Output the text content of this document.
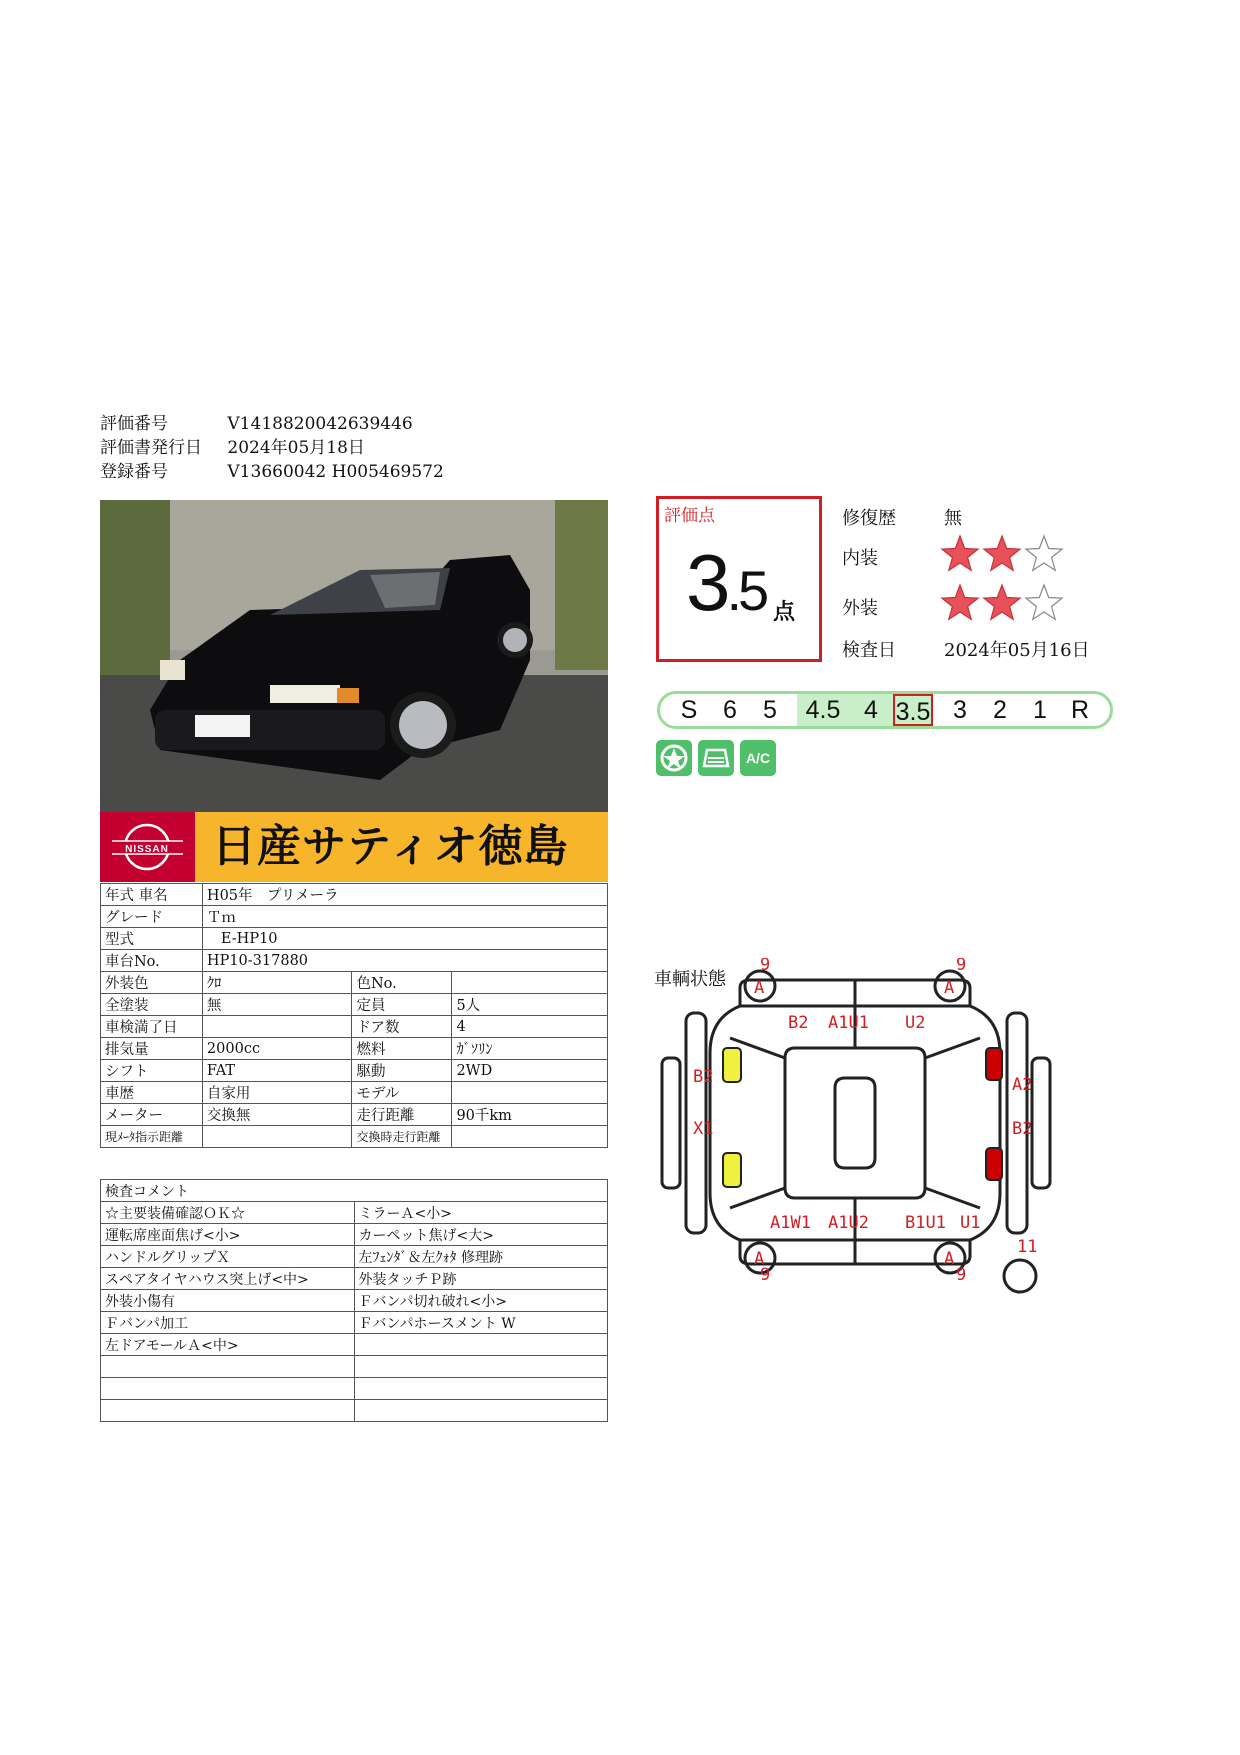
評価番号	V1418820042639446
評価書発行日 2024年05月18日
登録番号	V13660042 H005469572
NISSAN 日産サティオ徳島
年式 車名	H05年　プリメーラ		
グレード	Ｔｍ		
型式	E-HP10		
車台No.	HP10-317880		
外装色	ｸﾛ	色No.	
全塗装	無	定員	5人
車検満了日		ドア数	4
排気量	2000cc	燃料	ｶﾞｿﾘﾝ
シフト	FAT	駆動	2WD
車歴	自家用	モデル	
メーター	交換無	走行距離	90千km
現ﾒｰﾀ指示距離		交換時走行距離	
検査コメント	
☆主要装備確認ＯＫ☆	ミラーＡ<小>
運転席座面焦げ<小>	カーペット焦げ<大>
ハンドルグリップＸ	左ﾌｪﾝﾀﾞ＆左ｸｫﾀ 修理跡
スペアタイヤハウス突上げ<中>	外装タッチＰ跡
外装小傷有	Ｆバンパ切れ破れ<小>
Ｆバンパ加工	Ｆバンパホースメント W
左ドアモールＡ<中>	

評価点
3.5 点
修復歴	無
内装
外装
検査日	2024年05月16日
S	6	5	4.5 4 3.5 3	2	1 R
A/C
車輌状態
9	9
A	A
B2 A1U1 U2
B2
X1
A2
B2
A1W1 A1U2 B1U1 U1
A	A
9	9
11
